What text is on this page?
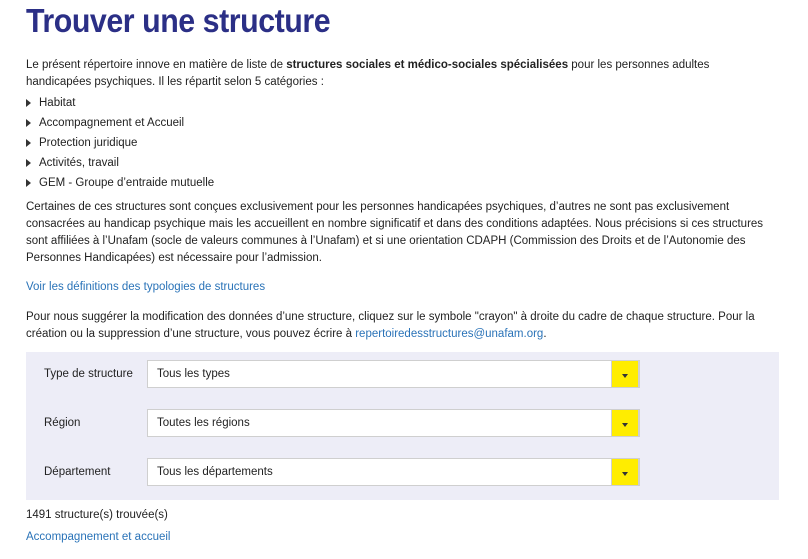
Trouver une structure
Le présent répertoire innove en matière de liste de structures sociales et médico-sociales spécialisées pour les personnes adultes handicapées psychiques. Il les répartit selon 5 catégories :
Habitat
Accompagnement et Accueil
Protection juridique
Activités, travail
GEM - Groupe d’entraide mutuelle
Certaines de ces structures sont conçues exclusivement pour les personnes handicapées psychiques, d’autres ne sont pas exclusivement consacrées au handicap psychique mais les accueillent en nombre significatif et dans des conditions adaptées. Nous précisions si ces structures sont affiliées à l’Unafam (socle de valeurs communes à l’Unafam) et si une orientation CDAPH (Commission des Droits et de l’Autonomie des Personnes Handicapées) est nécessaire pour l’admission.
Voir les définitions des typologies de structures
Pour nous suggérer la modification des données d’une structure, cliquez sur le symbole "crayon" à droite du cadre de chaque structure. Pour la création ou la suppression d’une structure, vous pouvez écrire à repertoiredesstructures@unafam.org.
Type de structure	Tous les types
Région	Toutes les régions
Département	Tous les départements
1491 structure(s) trouvée(s)
Accompagnement et accueil
